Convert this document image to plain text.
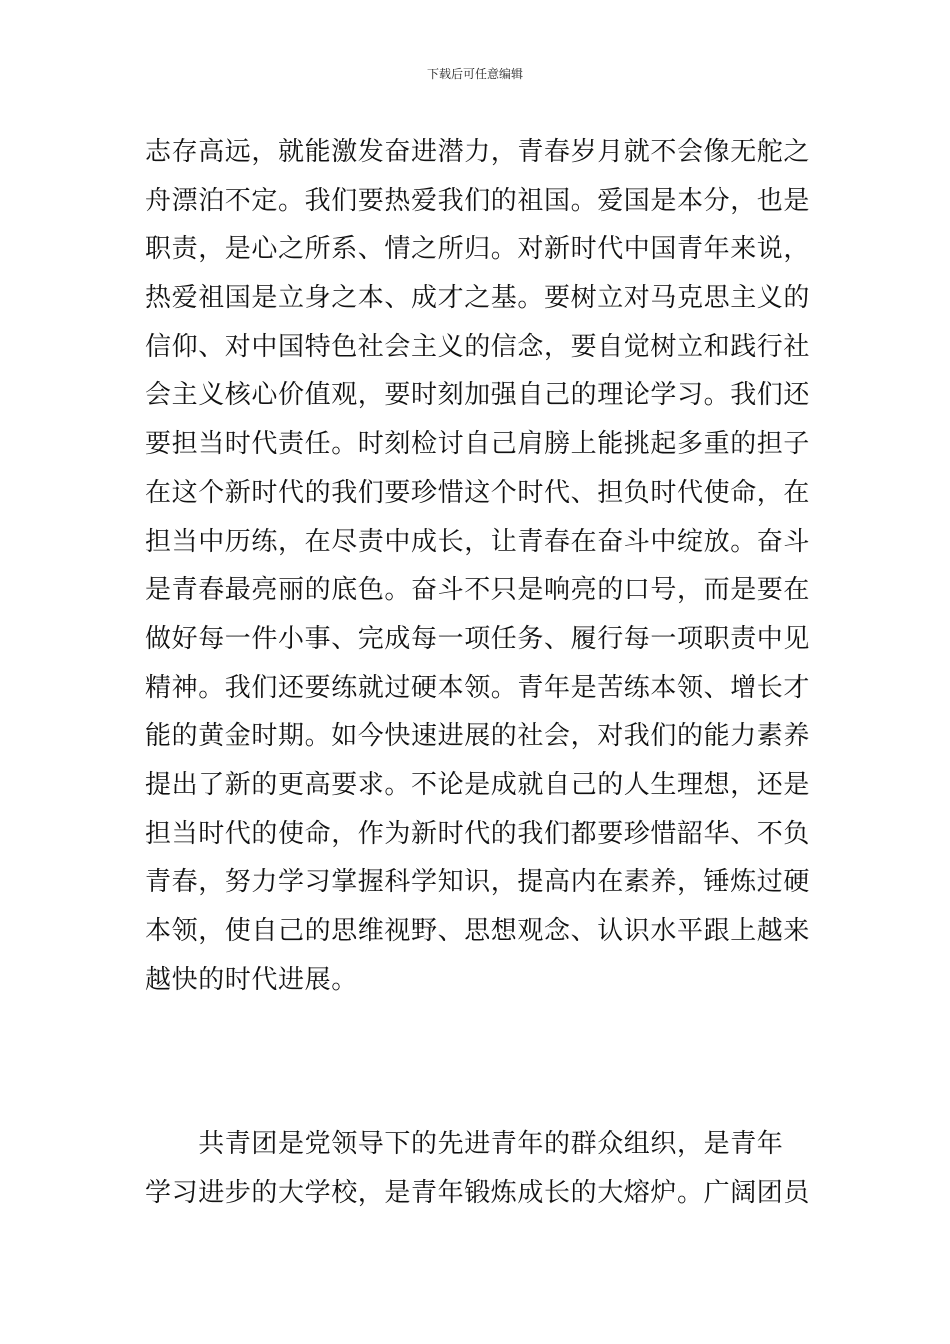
下载后可任意编辑
志存高远，就能激发奋进潜力，青春岁月就不会像无舵之
舟漂泊不定。我们要热爱我们的祖国。爱国是本分，也是
职责，是心之所系、情之所归。对新时代中国青年来说，
热爱祖国是立身之本、成才之基。要树立对马克思主义的
信仰、对中国特色社会主义的信念，要自觉树立和践行社
会主义核心价值观，要时刻加强自己的理论学习。我们还
要担当时代责任。时刻检讨自己肩膀上能挑起多重的担子
在这个新时代的我们要珍惜这个时代、担负时代使命，在
担当中历练，在尽责中成长，让青春在奋斗中绽放。奋斗
是青春最亮丽的底色。奋斗不只是响亮的口号，而是要在
做好每一件小事、完成每一项任务、履行每一项职责中见
精神。我们还要练就过硬本领。青年是苦练本领、增长才
能的黄金时期。如今快速进展的社会，对我们的能力素养
提出了新的更高要求。不论是成就自己的人生理想，还是
担当时代的使命，作为新时代的我们都要珍惜韶华、不负
青春，努力学习掌握科学知识，提高内在素养，锤炼过硬
本领，使自己的思维视野、思想观念、认识水平跟上越来
越快的时代进展。
　　共青团是党领导下的先进青年的群众组织，是青年
学习进步的大学校，是青年锻炼成长的大熔炉。广阔团员
